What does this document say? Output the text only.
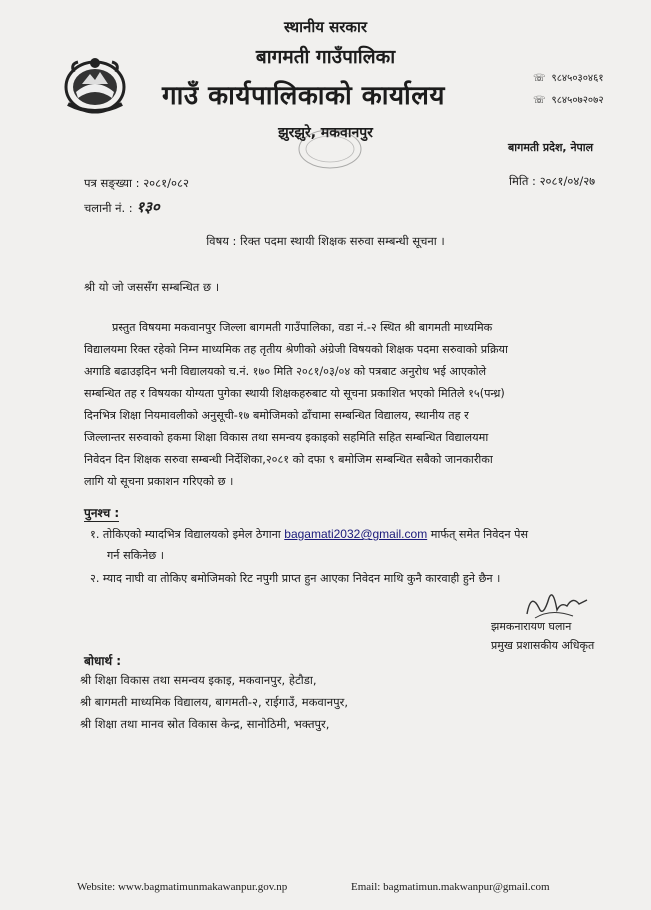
स्थानीय सरकार
बागमती गाउँपालिका
गाउँ कार्यपालिकाको कार्यालय
झुरझुरे, मकवानपुर
☏ ९८४५०३०४६१
☏ ९८४५०७२०७२
बागमती प्रदेश, नेपाल
पत्र सङ्ख्या : २०८१/०८२
चलानी नं. : १३०
मिति : २०८१/०४/२७
विषय : रिक्त पदमा स्थायी शिक्षक सरुवा सम्बन्धी सूचना ।
श्री यो जो जससँग सम्बन्धित छ ।
प्रस्तुत विषयमा मकवानपुर जिल्ला बागमती गाउँपालिका, वडा नं.-२ स्थित श्री बागमती माध्यमिक
विद्यालयमा रिक्त रहेको निम्न माध्यमिक तह तृतीय श्रेणीको अंग्रेजी विषयको शिक्षक पदमा सरुवाको प्रक्रिया
अगाडि बढाउइदिन भनी विद्यालयको च.नं. १७० मिति २०८१/०३/०४ को पत्रबाट अनुरोध भई आएकोले
सम्बन्धित तह र विषयका योग्यता पुगेका स्थायी शिक्षकहरुबाट यो सूचना प्रकाशित भएको मितिले १५(पन्ध्र)
दिनभित्र शिक्षा नियमावलीको अनुसूची-१७ बमोजिमको ढाँचामा सम्बन्धित विद्यालय, स्थानीय तह र
जिल्लान्तर सरुवाको हकमा शिक्षा विकास तथा समन्वय इकाइको सहमिति सहित सम्बन्धित विद्यालयमा
निवेदन दिन शिक्षक सरुवा सम्बन्धी निर्देशिका,२०८१ को दफा ९ बमोजिम सम्बन्धित सबैको जानकारीका
लागि यो सूचना प्रकाशन गरिएको छ ।
पुनश्च :
१. तोकिएको म्यादभित्र विद्यालयको इमेल ठेगाना bagamati2032@gmail.com मार्फत् समेत निवेदन पेस
गर्न सकिनेछ ।
२. म्याद नाघी वा तोकिए बमोजिमको रिट नपुगी प्राप्त हुन आएका निवेदन माथि कुनै कारवाही हुने छैन ।
झमकनारायण घलान
प्रमुख प्रशासकीय अधिकृत
बोधार्थ :
श्री शिक्षा विकास तथा समन्वय इकाइ, मकवानपुर, हेटौडा,
श्री बागमती माध्यमिक विद्यालय, बागमती-२, राईगाउँ, मकवानपुर,
श्री शिक्षा तथा मानव स्रोत विकास केन्द्र, सानोठिमी, भक्तपुर,
Website: www.bagmatimunmakawanpur.gov.np	Email: bagmatimun.makwanpur@gmail.com
